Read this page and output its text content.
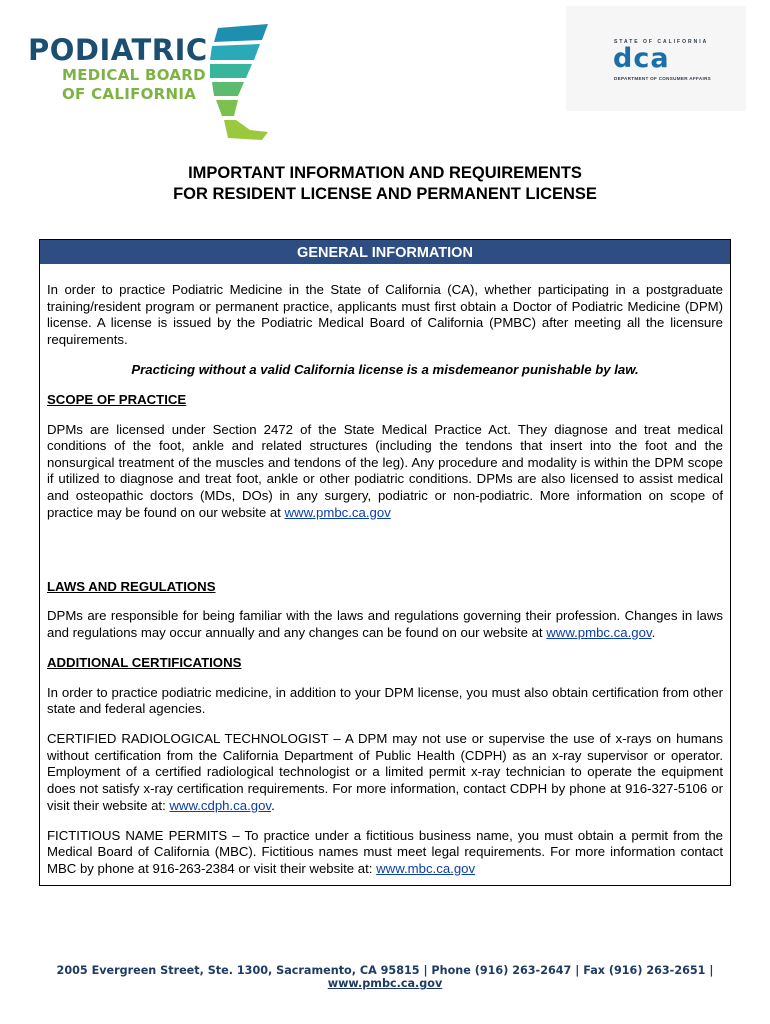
PODIATRIC
MEDICAL BOARD
OF CALIFORNIA
STATE OF CALIFORNIA
dca
DEPARTMENT OF CONSUMER AFFAIRS
IMPORTANT INFORMATION AND REQUIREMENTS
FOR RESIDENT LICENSE AND PERMANENT LICENSE
GENERAL INFORMATION

In order to practice Podiatric Medicine in the State of California (CA), whether participating in a postgraduate training/resident program or permanent practice, applicants must first obtain a Doctor of Podiatric Medicine (DPM) license. A license is issued by the Podiatric Medical Board of California (PMBC) after meeting all the licensure requirements.

Practicing without a valid California license is a misdemeanor punishable by law.

SCOPE OF PRACTICE

DPMs are licensed under Section 2472 of the State Medical Practice Act. They diagnose and treat medical conditions of the foot, ankle and related structures (including the tendons that insert into the foot and the nonsurgical treatment of the muscles and tendons of the leg). Any procedure and modality is within the DPM scope if utilized to diagnose and treat foot, ankle or other podiatric conditions. DPMs are also licensed to assist medical and osteopathic doctors (MDs, DOs) in any surgery, podiatric or non-podiatric. More information on scope of practice may be found on our website at www.pmbc.ca.gov

LAWS AND REGULATIONS

DPMs are responsible for being familiar with the laws and regulations governing their profession. Changes in laws and regulations may occur annually and any changes can be found on our website at www.pmbc.ca.gov.

ADDITIONAL CERTIFICATIONS

In order to practice podiatric medicine, in addition to your DPM license, you must also obtain certification from other state and federal agencies.

CERTIFIED RADIOLOGICAL TECHNOLOGIST – A DPM may not use or supervise the use of x-rays on humans without certification from the California Department of Public Health (CDPH) as an x-ray supervisor or operator. Employment of a certified radiological technologist or a limited permit x-ray technician to operate the equipment does not satisfy x-ray certification requirements. For more information, contact CDPH by phone at 916-327-5106 or visit their website at: www.cdph.ca.gov.

FICTITIOUS NAME PERMITS – To practice under a fictitious business name, you must obtain a permit from the Medical Board of California (MBC). Fictitious names must meet legal requirements. For more information contact MBC by phone at 916-263-2384 or visit their website at: www.mbc.ca.gov

2005 Evergreen Street, Ste. 1300, Sacramento, CA 95815 | Phone (916) 263-2647 | Fax (916) 263-2651 | www.pmbc.ca.gov
